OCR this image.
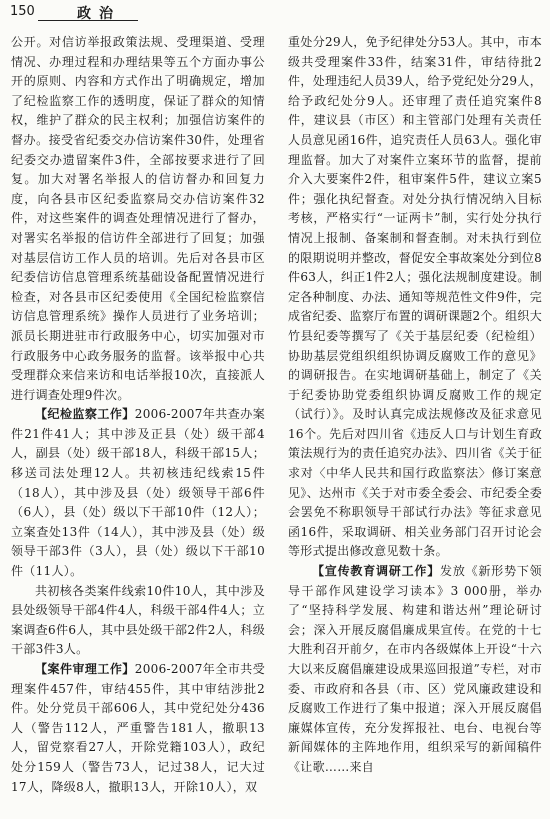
150	政治

公开。对信访举报政策法规、受理渠道、受理情况、办理过程和办理结果等五个方面办事公开的原则、内容和方式作出了明确规定，增加了纪检监察工作的透明度，保证了群众的知情权，维护了群众的民主权利；加强信访案件的督办。接受省纪委交办信访案件30件，处理省纪委交办遗留案件3件，全部按要求进行了回复。加大对署名举报人的信访督办和回复力度，向各县市区纪委监察局交办信访案件32件，对这些案件的调查处理情况进行了督办，对署实名举报的信访件全部进行了回复；加强对基层信访工作人员的培训。先后对各县市区纪委信访信息管理系统基础设备配置情况进行检查，对各县市区纪委使用《全国纪检监察信访信息管理系统》操作人员进行了业务培训；派员长期进驻市行政服务中心，切实加强对市行政服务中心政务服务的监督。该举报中心共受理群众来信来访和电话举报10次，直接派人进行调查处理9件次。

【纪检监察工作】2006-2007年共查办案件21件41人；其中涉及正县（处）级干部4人，副县（处）级干部18人，科级干部15人；移送司法处理12人。共初核违纪线索15件（18人），其中涉及县（处）级领导干部6件（6人），县（处）级以下干部10件（12人）；立案查处13件（14人），其中涉及县（处）级领导干部3件（3人），县（处）级以下干部10件（11人）。

共初核各类案件线索10件10人，其中涉及县处级领导干部4件4人，科级干部4件4人；立案调查6件6人，其中县处级干部2件2人，科级干部3件3人。

【案件审理工作】2006-2007年全市共受理案件457件，审结455件，其中审结涉批2件。处分党员干部606人，其中党纪处分436人（警告112人，严重警告181人，撤职13人，留党察看27人，开除党籍103人），政纪处分159人（警告73人，记过38人，记大过17人，降级8人，撤职13人，开除10人），双

重处分29人，免予纪律处分53人。其中，市本级共受理案件33件，结案31件，审结待批2件，处理违纪人员39人，给予党纪处分29人，给予政纪处分9人。还审理了责任追究案件8件，建议县（市区）和主管部门处理有关责任人员意见函16件，追究责任人员63人。强化审理监督。加大了对案件立案环节的监督，提前介入大要案件2件，租审案件5件，建议立案5件；强化执纪督查。对处分执行情况纳入目标考核，严格实行“一证两卡”制，实行处分执行情况上报制、备案制和督查制。对未执行到位的限期说明并整改，督促安全事故案处分到位8件63人，纠正1件2人；强化法规制度建设。制定各种制度、办法、通知等规范性文件9件，完成省纪委、监察厅布置的调研课题2个。组织大竹县纪委等撰写了《关于基层纪委（纪检组）协助基层党组织组织协调反腐败工作的意见》的调研报告。在实地调研基础上，制定了《关于纪委协助党委组织协调反腐败工作的规定（试行）》。及时认真完成法规修改及征求意见16个。先后对四川省《违反人口与计划生育政策法规行为的责任追究办法》、四川省《关于征求对〈中华人民共和国行政监察法〉修订案意见》、达州市《关于对市委全委会、市纪委全委会罢免不称职领导干部试行办法》等征求意见函16件，采取调研、相关业务部门召开讨论会等形式提出修改意见数十条。

【宣传教育调研工作】发放《新形势下领导干部作风建设学习读本》3 000册，举办了“坚持科学发展、构建和谐达州”理论研讨会；深入开展反腐倡廉成果宣传。在党的十七大胜利召开前夕，在市内各级媒体上开设“十六大以来反腐倡廉建设成果巡回报道”专栏，对市委、市政府和各县（市、区）党风廉政建设和反腐败工作进行了集中报道；深入开展反腐倡廉媒体宣传，充分发挥报社、电台、电视台等新闻媒体的主阵地作用，组织采写的新闻稿件《让歌……来自
